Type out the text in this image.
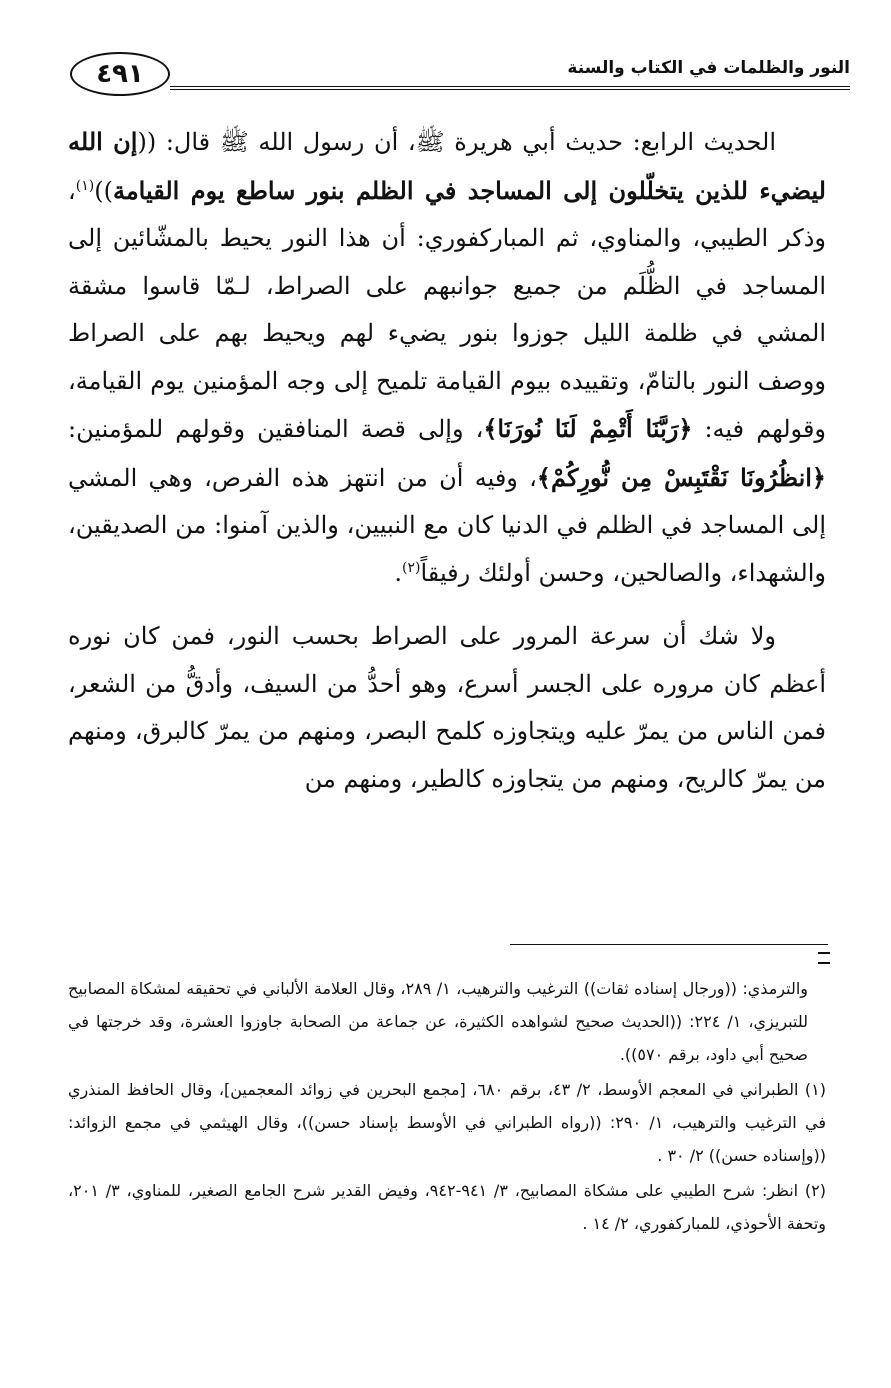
٤٩١	النور والظلمات في الكتاب والسنة

الحديث الرابع: حديث أبي هريرة ﷺ، أن رسول الله ﷺ قال: ((إن الله ليضيء للذين يتخلّلون إلى المساجد في الظلم بنور ساطع يوم القيامة))$^{(١)}$، وذكر الطيبي، والمناوي، ثم المباركفوري: أن هذا النور يحيط بالمشّائين إلى المساجد في الظُّلَم من جميع جوانبهم على الصراط، لـمّا قاسوا مشقة المشي في ظلمة الليل جوزوا بنور يضيء لهم ويحيط بهم على الصراط ووصف النور بالتامّ، وتقييده بيوم القيامة تلميح إلى وجه المؤمنين يوم القيامة، وقولهم فيه: ﴿رَبَّنَا أَتْمِمْ لَنَا نُورَنَا﴾، وإلى قصة المنافقين وقولهم للمؤمنين: ﴿انظُرُونَا نَقْتَبِسْ مِن نُّورِكُمْ﴾، وفيه أن من انتهز هذه الفرص، وهي المشي إلى المساجد في الظلم في الدنيا كان مع النبيين، والذين آمنوا: من الصديقين، والشهداء، والصالحين، وحسن أولئك رفيقاً$^{(٢)}$.

ولا شك أن سرعة المرور على الصراط بحسب النور، فمن كان نوره أعظم كان مروره على الجسر أسرع، وهو أحدُّ من السيف، وأدقُّ من الشعر، فمن الناس من يمرّ عليه ويتجاوزه كلمح البصر، ومنهم من يمرّ كالبرق، ومنهم من يمرّ كالريح، ومنهم من يتجاوزه كالطير، ومنهم من

والترمذي: ((ورجال إسناده ثقات)) الترغيب والترهيب، ١/ ٢٨٩، وقال العلامة الألباني في تحقيقه لمشكاة المصابيح للتبريزي، ١/ ٢٢٤: ((الحديث صحيح لشواهده الكثيرة، عن جماعة من الصحابة جاوزوا العشرة، وقد خرجتها في صحيح أبي داود، برقم ٥٧٠)).

(١) الطبراني في المعجم الأوسط، ٢/ ٤٣، برقم ٦٨٠، [مجمع البحرين في زوائد المعجمين]، وقال الحافظ المنذري في الترغيب والترهيب، ١/ ٢٩٠: ((رواه الطبراني في الأوسط بإسناد حسن))، وقال الهيثمي في مجمع الزوائد: ((وإسناده حسن)) ٢/ ٣٠ .

(٢) انظر: شرح الطيبي على مشكاة المصابيح، ٣/ ٩٤١-٩٤٢، وفيض القدير شرح الجامع الصغير، للمناوي، ٣/ ٢٠١، وتحفة الأحوذي، للمباركفوري، ٢/ ١٤ .
